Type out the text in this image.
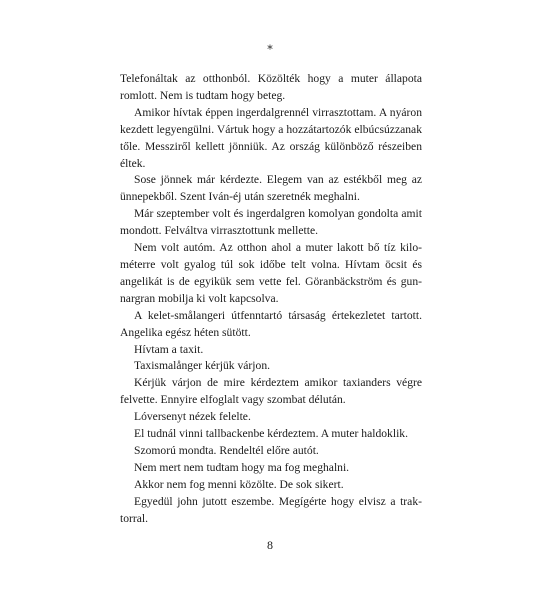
*

Telefonáltak az otthonból. Közölték hogy a muter állapota romlott. Nem is tudtam hogy beteg.

Amikor hívtak éppen ingerdalgrennél virrasztottam. A nyáron kezdett legyengülni. Vártuk hogy a hozzátartozók elbúcsúzzanak tőle. Messziről kellett jönniük. Az ország különböző részeiben éltek.

Sose jönnek már kérdezte. Elegem van az estékből meg az ünnepekből. Szent Iván-éj után szeretnék meghalni.

Már szeptember volt és ingerdalgren komolyan gondolta amit mondott. Felváltva virrasztottunk mellette.

Nem volt autóm. Az otthon ahol a muter lakott bő tíz kilométerre volt gyalog túl sok időbe telt volna. Hívtam öcsit és angelikát is de egyikük sem vette fel. Göranbäckström és gunnargran mobilja ki volt kapcsolva.

A kelet-smålangeri útfenntartó társaság értekezletet tartott. Angelika egész héten sütött.

Hívtam a taxit.

Taxismalånger kérjük várjon.

Kérjük várjon de mire kérdeztem amikor taxianders végre felvette. Ennyire elfoglalt vagy szombat délután.

Lóversenyt nézek felelte.

El tudnál vinni tallbackenbe kérdeztem. A muter haldoklik.

Szomorú mondta. Rendeltél előre autót.

Nem mert nem tudtam hogy ma fog meghalni.

Akkor nem fog menni közölte. De sok sikert.

Egyedül john jutott eszembe. Megígérte hogy elvisz a traktorral.

8
